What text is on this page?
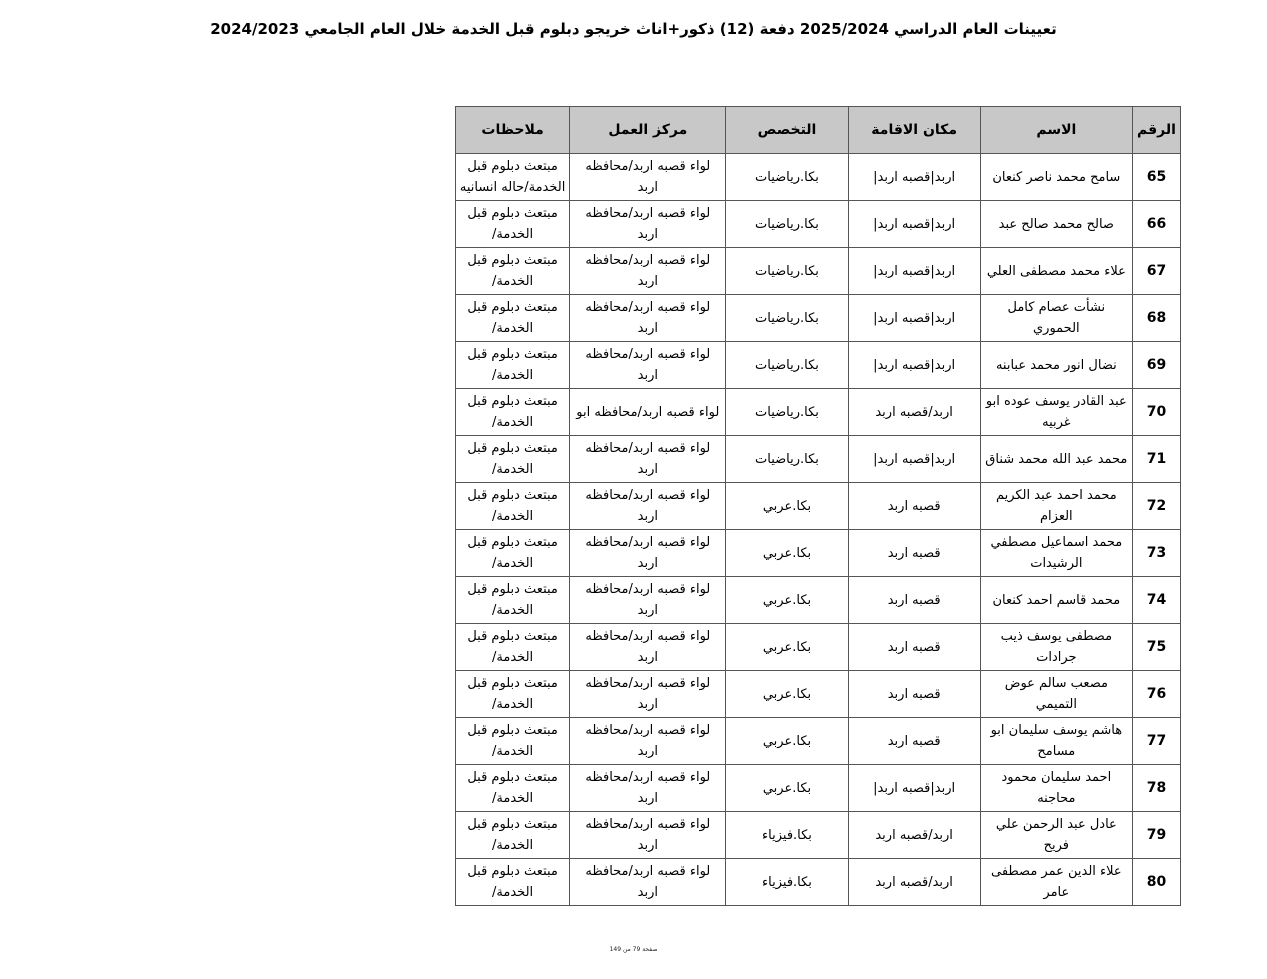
تعيينات العام الدراسي 2025/2024 دفعة (12) ذكور+اناث خريجو دبلوم قبل الخدمة خلال العام الجامعي 2024/2023
الرقم	الاسم	مكان الاقامة	التخصص	مركز العمل	ملاحظات
65	سامح محمد ناصر كنعان	اربد|قصبه اربد|	بكا.رياضيات	لواء قصبه اربد/محافظه اربد	مبتعث دبلوم قبل الخدمة/حاله انسانيه
66	صالح محمد صالح عبد	اربد|قصبه اربد|	بكا.رياضيات	لواء قصبه اربد/محافظه اربد	مبتعث دبلوم قبل الخدمة/
67	علاء محمد مصطفى العلي	اربد|قصبه اربد|	بكا.رياضيات	لواء قصبه اربد/محافظه اربد	مبتعث دبلوم قبل الخدمة/
68	نشأت عصام كامل الحموري	اربد|قصبه اربد|	بكا.رياضيات	لواء قصبه اربد/محافظه اربد	مبتعث دبلوم قبل الخدمة/
69	نضال انور محمد عبابنه	اربد|قصبه اربد|	بكا.رياضيات	لواء قصبه اربد/محافظه اربد	مبتعث دبلوم قبل الخدمة/
70	عبد القادر يوسف عوده ابو غربيه	اربد/قصبه اربد	بكا.رياضيات	لواء قصبه اربد/محافظه ابو	مبتعث دبلوم قبل الخدمة/
71	محمد عبد الله محمد شناق	اربد|قصبه اربد|	بكا.رياضيات	لواء قصبه اربد/محافظه اربد	مبتعث دبلوم قبل الخدمة/
72	محمد احمد عبد الكريم العزام	قصبه اربد	بكا.عربي	لواء قصبه اربد/محافظه اربد	مبتعث دبلوم قبل الخدمة/
73	محمد اسماعيل مصطفي الرشيدات	قصبه اربد	بكا.عربي	لواء قصبه اربد/محافظه اربد	مبتعث دبلوم قبل الخدمة/
74	محمد قاسم احمد كنعان	قصبه اربد	بكا.عربي	لواء قصبه اربد/محافظه اربد	مبتعث دبلوم قبل الخدمة/
75	مصطفى يوسف ذيب جرادات	قصبه اربد	بكا.عربي	لواء قصبه اربد/محافظه اربد	مبتعث دبلوم قبل الخدمة/
76	مصعب سالم عوض التميمي	قصبه اربد	بكا.عربي	لواء قصبه اربد/محافظه اربد	مبتعث دبلوم قبل الخدمة/
77	هاشم يوسف سليمان ابو مسامح	قصبه اربد	بكا.عربي	لواء قصبه اربد/محافظه اربد	مبتعث دبلوم قبل الخدمة/
78	احمد سليمان محمود محاجنه	اربد|قصبه اربد|	بكا.عربي	لواء قصبه اربد/محافظه اربد	مبتعث دبلوم قبل الخدمة/
79	عادل عبد الرحمن علي فريح	اربد/قصبه اربد	بكا.فيزياء	لواء قصبه اربد/محافظه اربد	مبتعث دبلوم قبل الخدمة/
80	علاء الدين عمر مصطفى عامر	اربد/قصبه اربد	بكا.فيزياء	لواء قصبه اربد/محافظه اربد	مبتعث دبلوم قبل الخدمة/
صفحة 79 من 149
